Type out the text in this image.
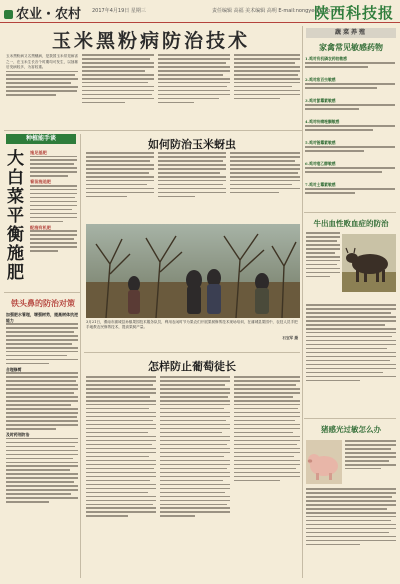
农业・农村 2017年4月19日 星期三	责任编辑 高福 美术编辑 高明 E-mail:nongye@sxrb.com
陕西科技报
玉米黑粉病防治技术
玉米黑粉病又名黑穗病，是我国玉米常见病害之一，在玉米生长各个时期均可发生，以抽雄后发病较多，为害较重。
种植能手谈
大
白
菜
平
衡
施
肥
施足基肥
看苗施追肥
配施有机肥
铁头鼻的防治对策
加强肥水管理，增强树势，提高树体抗逆能力
合理修剪
及时药剂防治
如何防治玉米蚜虫
3月21日，渭南市蒲城县孙镇果园技术服务队员，利用农闲时节为果农们开展果树修剪技术现场培训，在蒲城县果园中，农技人员手把手地教农民修剪技术，提高果树产量。
石宝军 摄
怎样防止葡萄徒长
蔬菜养殖
家禽常见敏感药物
1.鸡对有机磷农药较敏感
2.鸡对敌百虫敏感
3.鸡对氯霉素敏感
4.鸡对呋喃唑酮敏感
5.鸡对链霉素敏感
6.鸡对喹乙醇敏感
7.鸡对土霉素敏感
牛出血性败血症的防治
猪感光过敏怎么办
